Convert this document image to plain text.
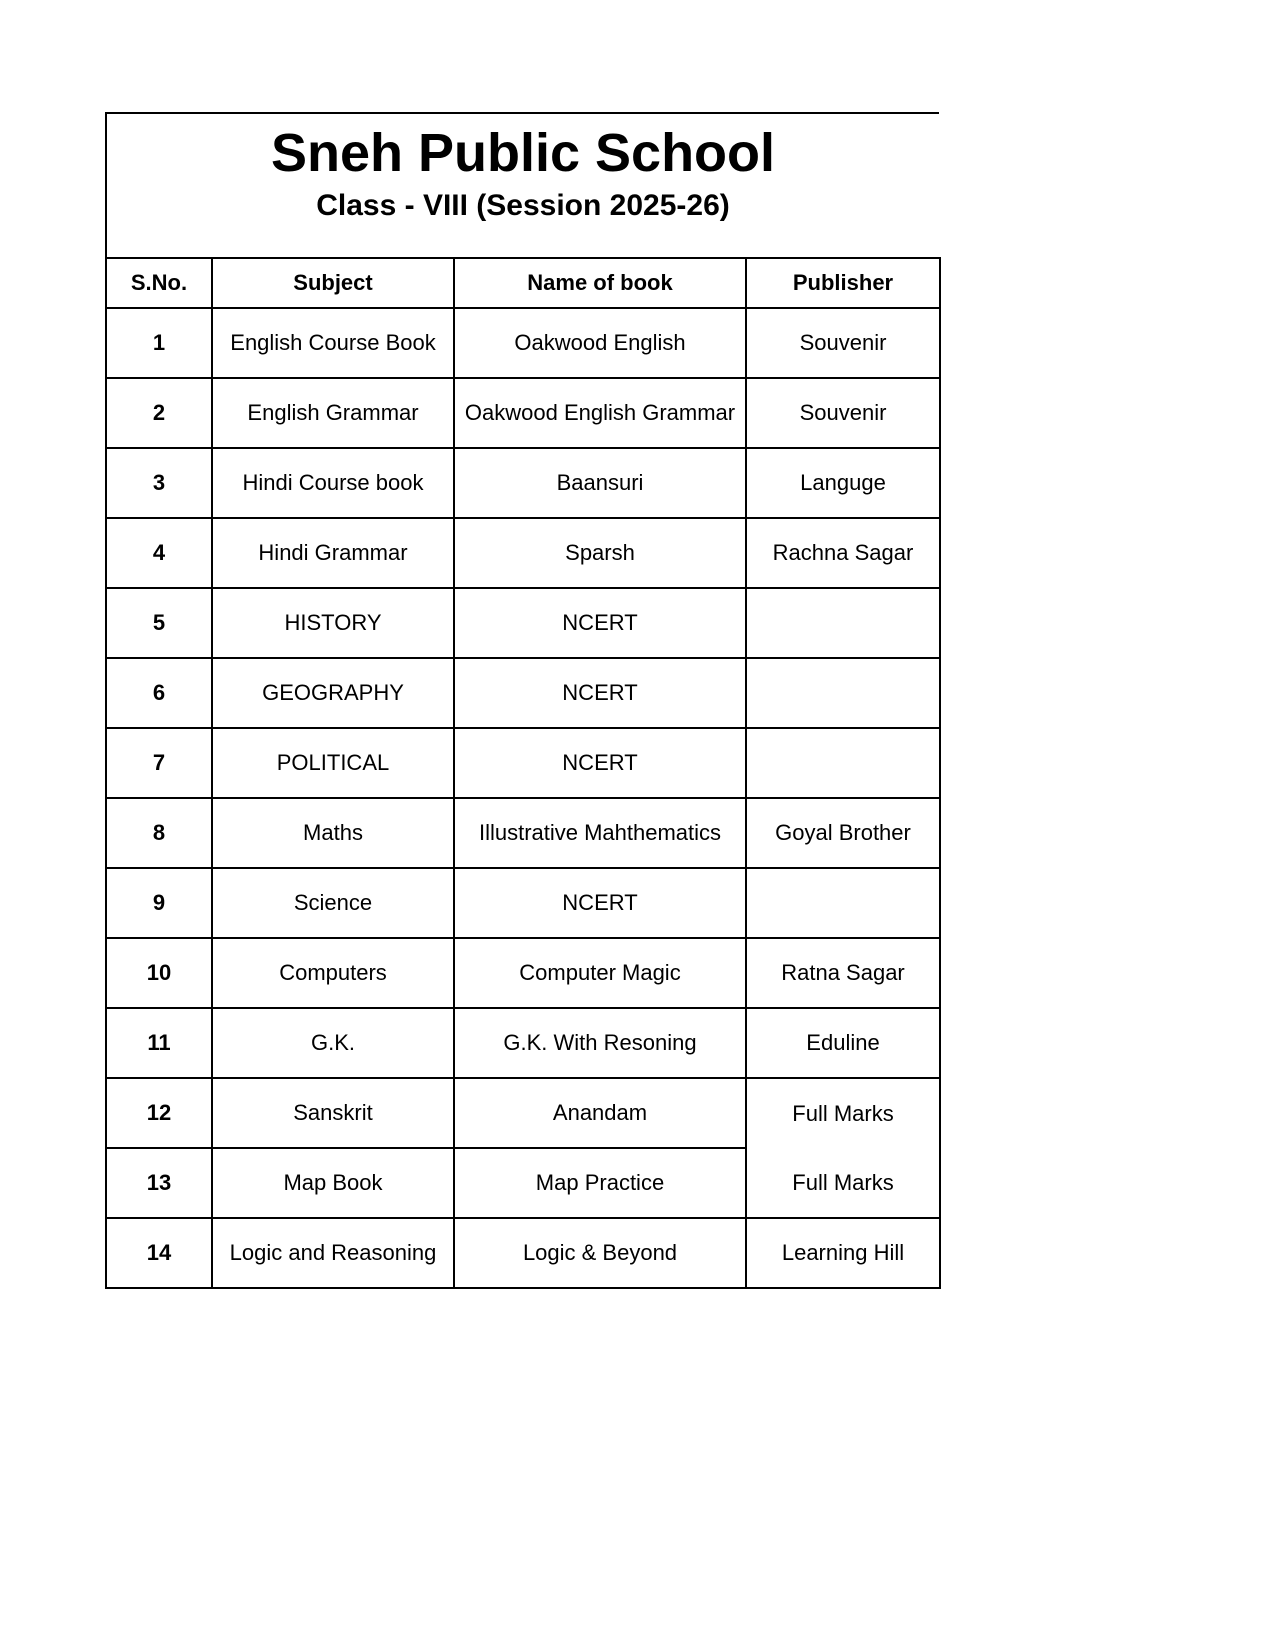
Sneh Public School
Class - VIII (Session 2025-26)
S.No.	Subject	Name of book	Publisher
1	English Course Book	Oakwood English	Souvenir
2	English Grammar	Oakwood English Grammar	Souvenir
3	Hindi Course book	Baansuri	Languge
4	Hindi Grammar	Sparsh	Rachna Sagar
5	HISTORY	NCERT	
6	GEOGRAPHY	NCERT	
7	POLITICAL	NCERT	
8	Maths	Illustrative Mahthematics	Goyal Brother
9	Science	NCERT	
10	Computers	Computer Magic	Ratna Sagar
11	G.K.	G.K. With Resoning	Eduline
12	Sanskrit	Anandam	Full Marks
13	Map Book	Map Practice	Full Marks
14	Logic and Reasoning	Logic & Beyond	Learning Hill
